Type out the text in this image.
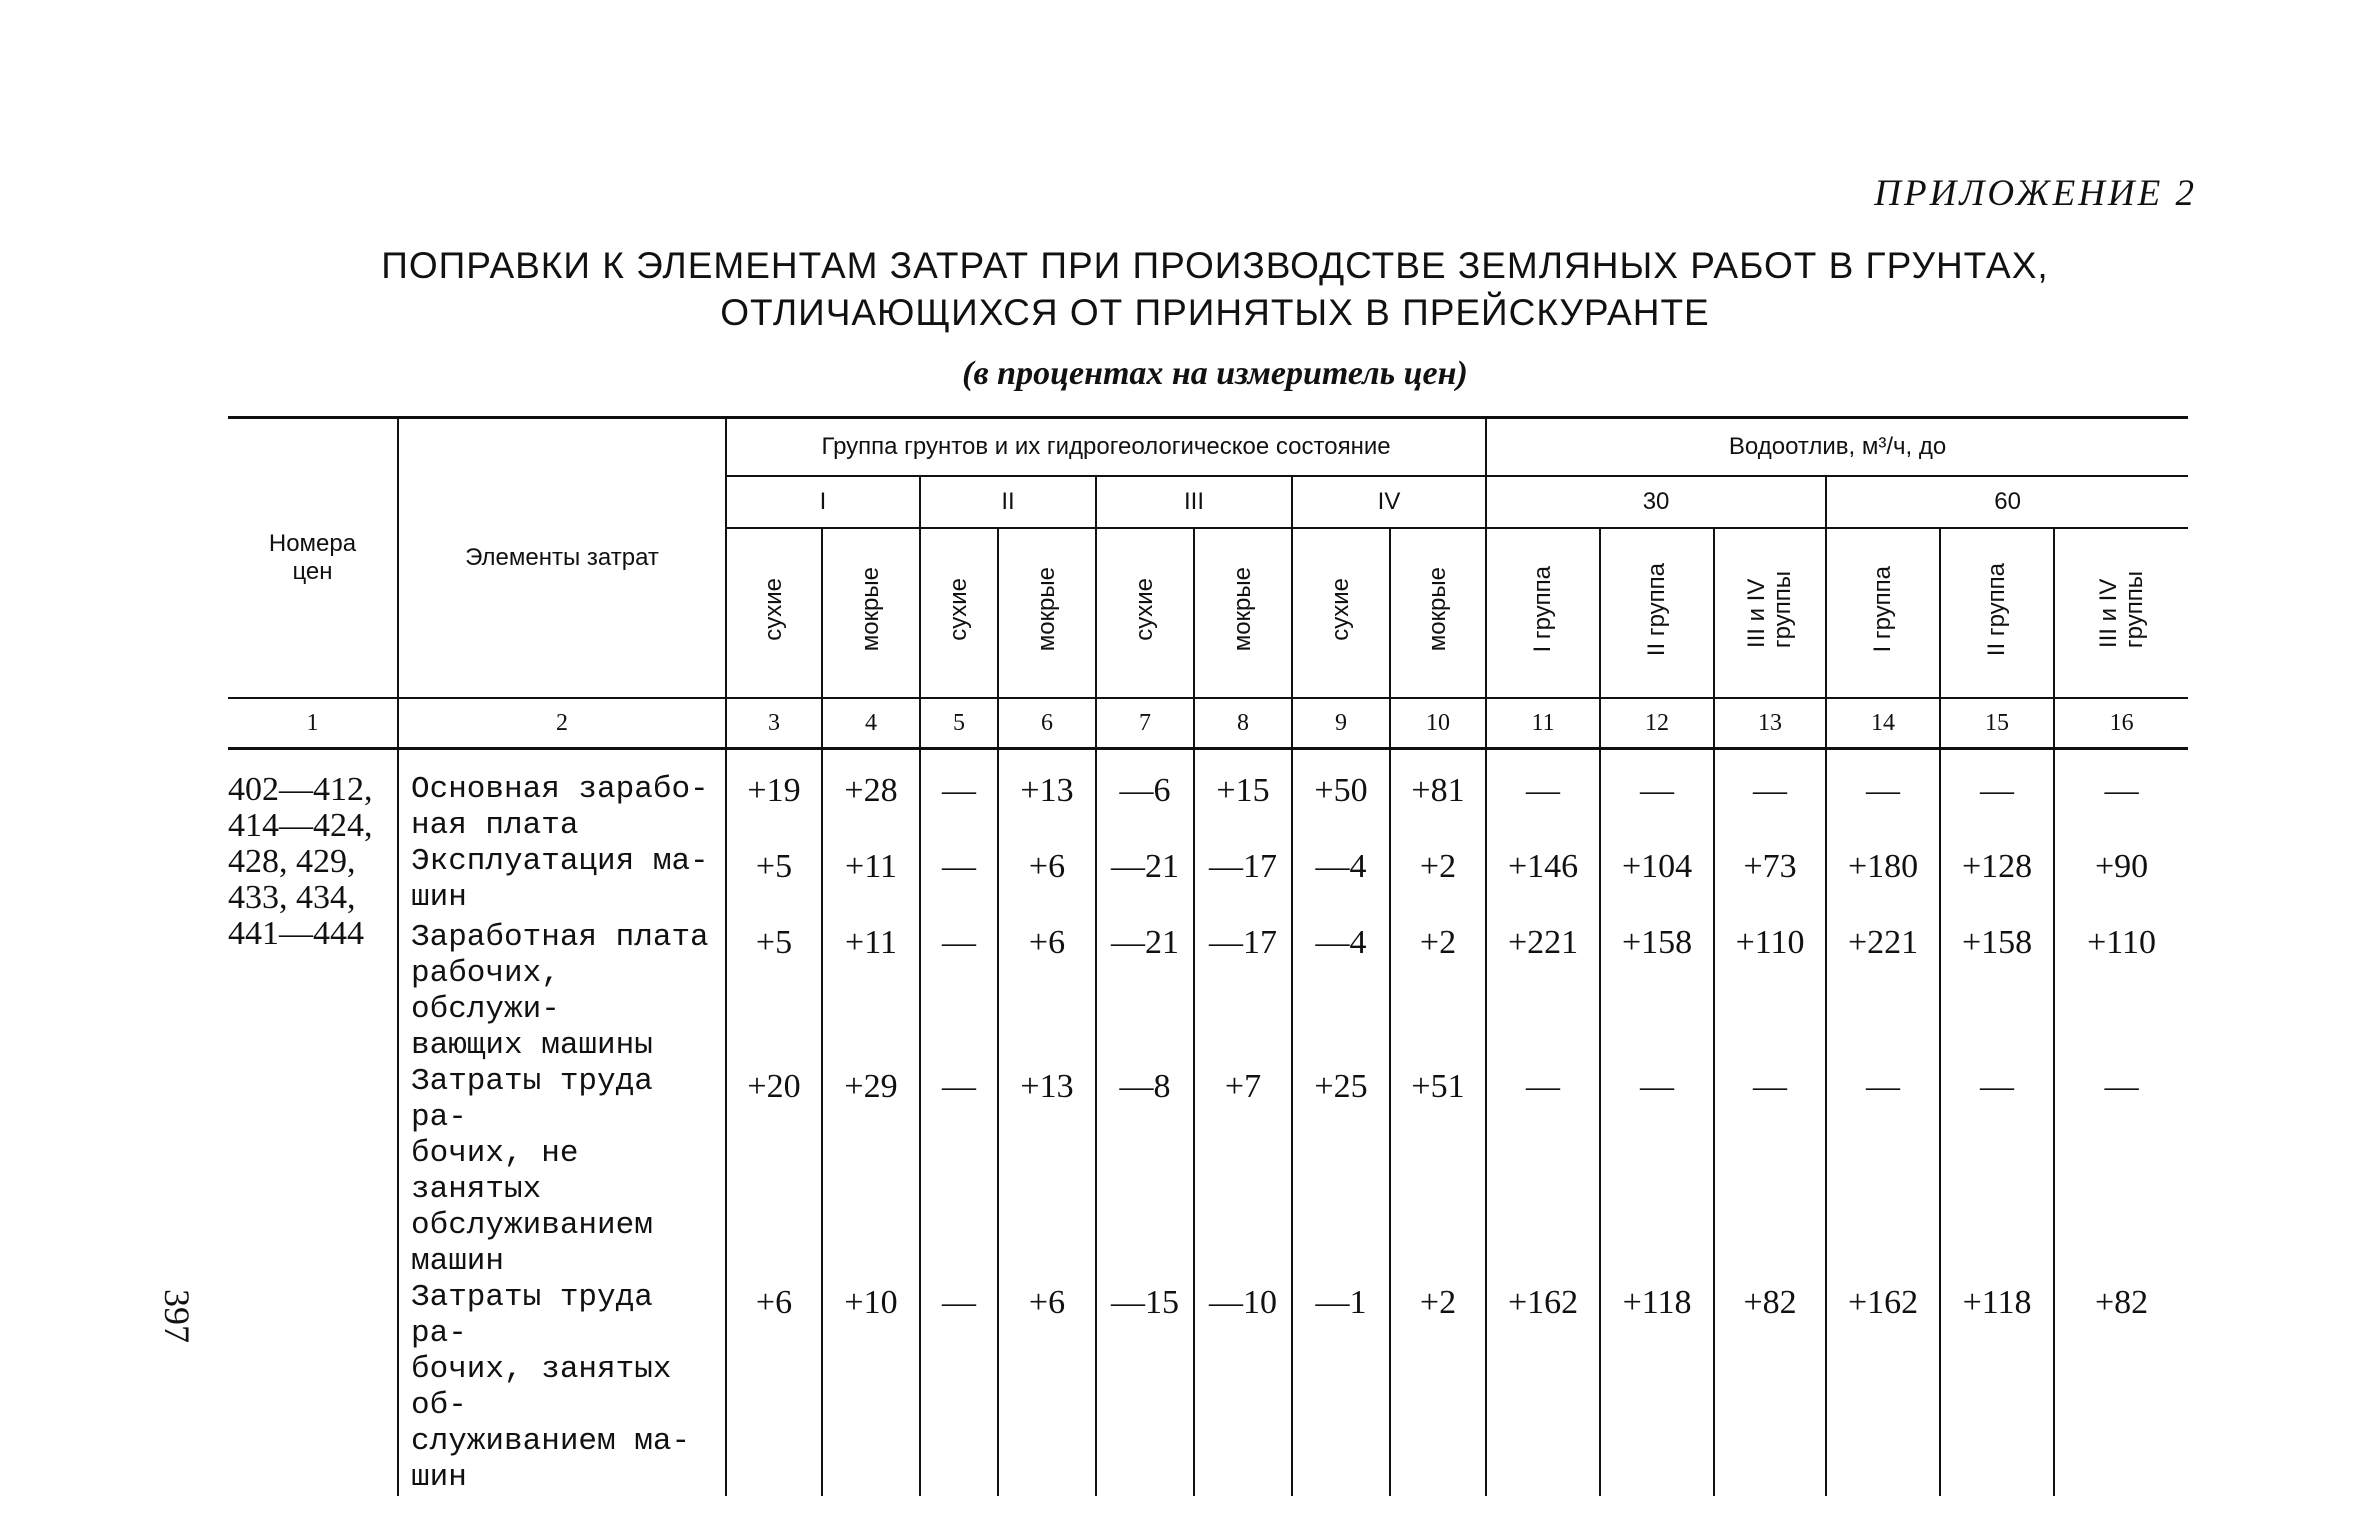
ПРИЛОЖЕНИЕ 2
ПОПРАВКИ К ЭЛЕМЕНТАМ ЗАТРАТ ПРИ ПРОИЗВОДСТВЕ ЗЕМЛЯНЫХ РАБОТ В ГРУНТАХ,
ОТЛИЧАЮЩИХСЯ ОТ ПРИНЯТЫХ В ПРЕЙСКУРАНТЕ
(в процентах на измеритель цен)
397
Номера цен	Элементы затрат	Группа грунтов и их гидрогеологическое состояние								Водоотлив, м³/ч, до					
		I		II		III		IV		30			60		
		сухие	мокрые	сухие	мокрые	сухие	мокрые	сухие	мокрые	I группа	II группа	III и IV
группы	I группа	II группа	III и IV
группы
1	2	3	4	5	6	7	8	9	10	11	12	13	14	15	16
402—412,
414—424,
428, 429,
433, 434,
441—444	Основная зарабо-
ная плата	+19	+28	—	+13	—6	+15	+50	+81	—	—	—	—	—	—
	Эксплуатация ма-
шин	+5	+11	—	+6	—21	—17	—4	+2	+146	+104	+73	+180	+128	+90
	Заработная плата
рабочих, обслужи-
вающих машины	+5	+11	—	+6	—21	—17	—4	+2	+221	+158	+110	+221	+158	+110
	Затраты труда ра-
бочих, не занятых
обслуживанием
машин	+20	+29	—	+13	—8	+7	+25	+51	—	—	—	—	—	—
	Затраты труда ра-
бочих, занятых об-
служиванием ма-
шин	+6	+10	—	+6	—15	—10	—1	+2	+162	+118	+82	+162	+118	+82
